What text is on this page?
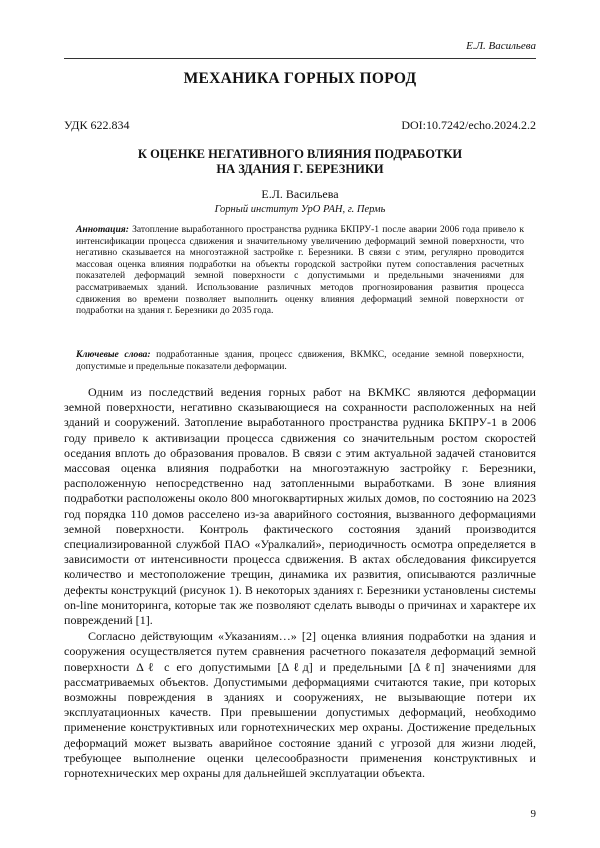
Е.Л. Васильева
МЕХАНИКА ГОРНЫХ ПОРОД
УДК 622.834	DOI:10.7242/echo.2024.2.2
К ОЦЕНКЕ НЕГАТИВНОГО ВЛИЯНИЯ ПОДРАБОТКИ
НА ЗДАНИЯ Г. БЕРЕЗНИКИ
Е.Л. Васильева
Горный институт УрО РАН, г. Пермь
Аннотация: Затопление выработанного пространства рудника БКПРУ-1 после аварии 2006 года привело к интенсификации процесса сдвижения и значительному увеличению деформаций земной поверхности, что негативно сказывается на многоэтажной застройке г. Березники. В связи с этим, регулярно проводится массовая оценка влияния подработки на объекты городской застройки путем сопоставления расчетных показателей деформаций земной поверхности с допустимыми и предельными значениями для рассматриваемых зданий. Использование различных методов прогнозирования развития процесса сдвижения во времени позволяет выполнить оценку влияния деформаций земной поверхности от подработки на здания г. Березники до 2035 года.
Ключевые слова: подработанные здания, процесс сдвижения, ВКМКС, оседание земной поверхности, допустимые и предельные показатели деформации.

Одним из последствий ведения горных работ на ВКМКС являются деформации земной поверхности, негативно сказывающиеся на сохранности расположенных на ней зданий и сооружений. Затопление выработанного пространства рудника БКПРУ-1 в 2006 году привело к активизации процесса сдвижения со значительным ростом скоростей оседания вплоть до образования провалов. В связи с этим актуальной задачей становится массовая оценка влияния подработки на многоэтажную застройку г. Березники, расположенную непосредственно над затопленными выработками. В зоне влияния подработки расположены около 800 многоквартирных жилых домов, по состоянию на 2023 год порядка 110 домов расселено из-за аварийного состояния, вызванного деформациями земной поверхности. Контроль фактического состояния зданий производится специализированной службой ПАО «Уралкалий», периодичность осмотра определяется в зависимости от интенсивности процесса сдвижения. В актах обследования фиксируется количество и местоположение трещин, динамика их развития, описываются различные дефекты конструкций (рисунок 1). В некоторых зданиях г. Березники установлены системы on-line мониторинга, которые так же позволяют сделать выводы о причинах и характере их повреждений [1].

Согласно действующим «Указаниям…» [2] оценка влияния подработки на здания и сооружения осуществляется путем сравнения расчетного показателя деформаций земной поверхности Δℓ с его допустимыми [Δℓд] и предельными [Δℓп] значениями для рассматриваемых объектов. Допустимыми деформациями считаются такие, при которых возможны повреждения в зданиях и сооружениях, не вызывающие потери их эксплуатационных качеств. При превышении допустимых деформаций, необходимо применение конструктивных или горнотехнических мер охраны. Достижение предельных деформаций может вызвать аварийное состояние зданий с угрозой для жизни людей, требующее выполнение оценки целесообразности применения конструктивных и горнотехнических мер охраны для дальнейшей эксплуатации объекта.

9
